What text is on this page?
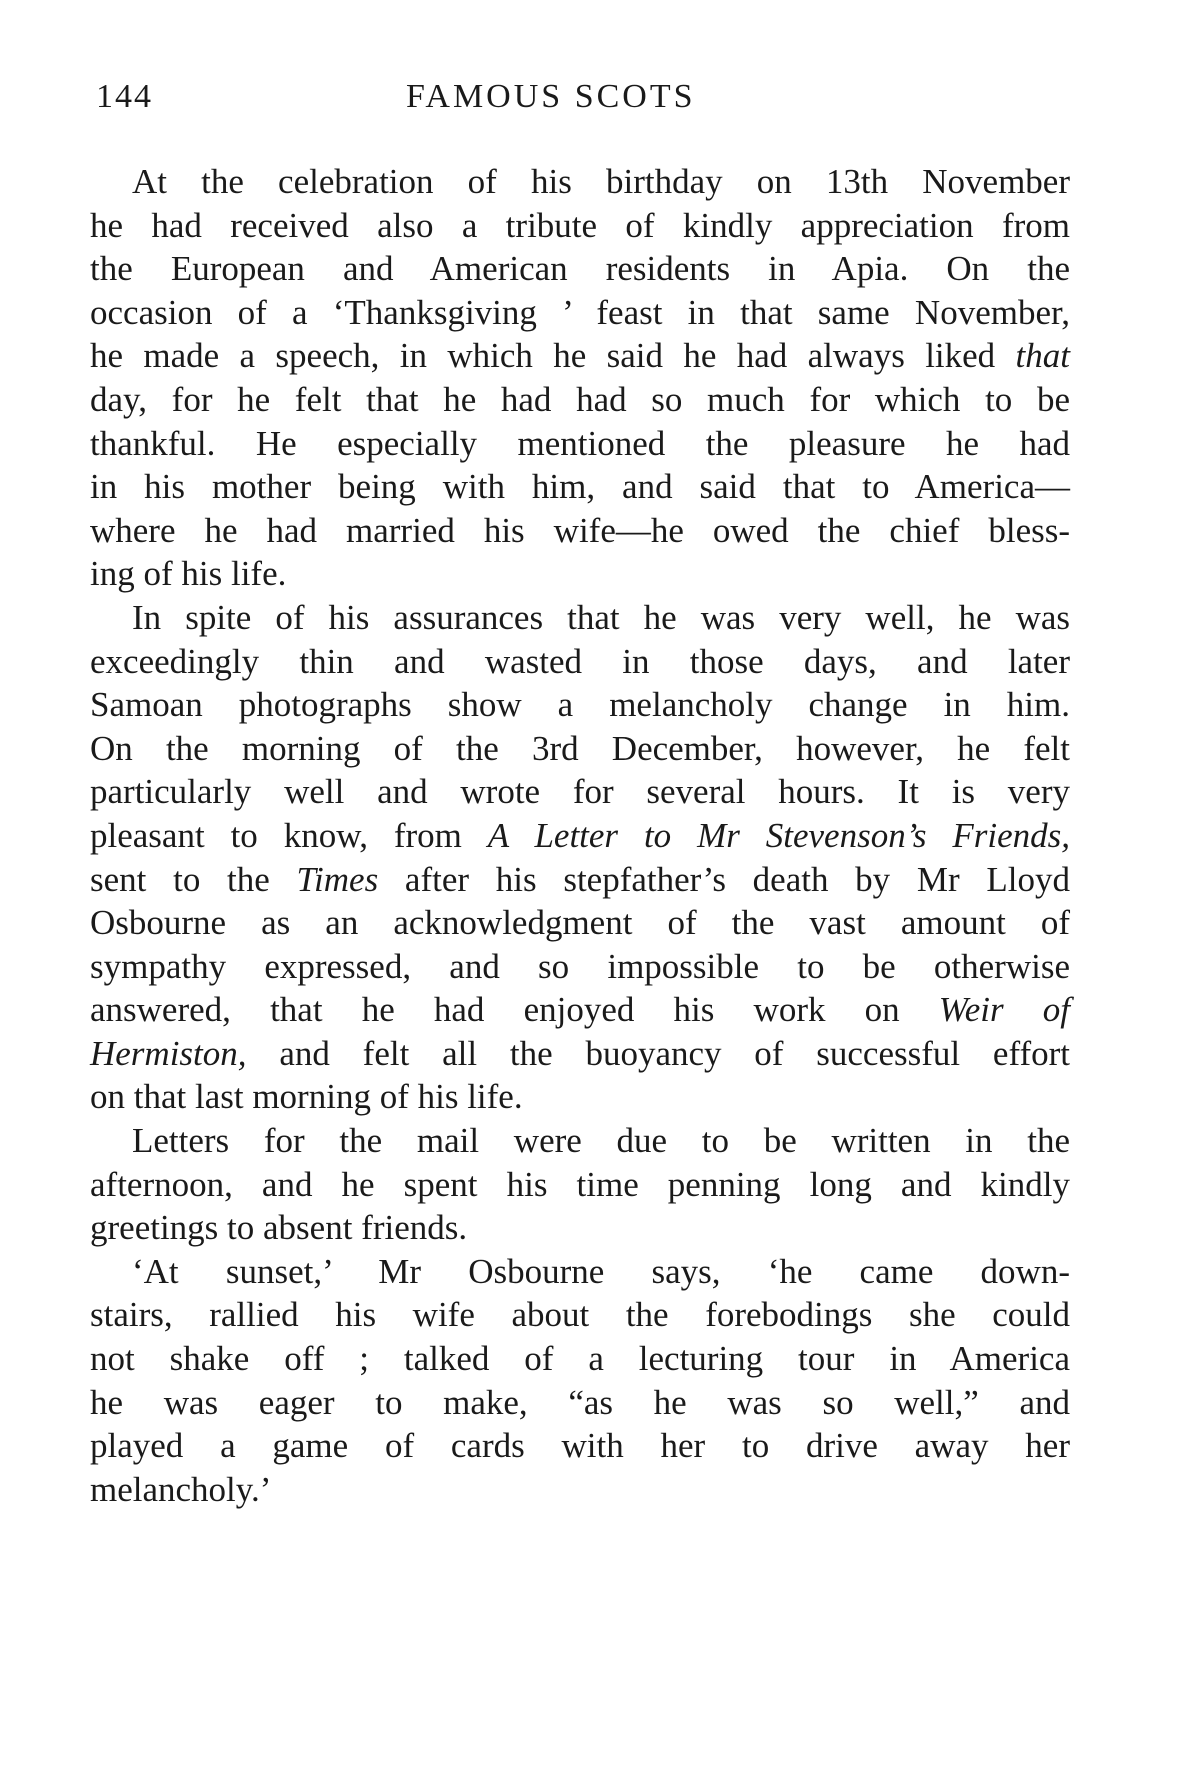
144	FAMOUS SCOTS
At the celebration of his birthday on 13th November
he had received also a tribute of kindly appreciation from
the European and American residents in Apia. On the
occasion of a ‘Thanksgiving ’ feast in that same November,
he made a speech, in which he said he had always liked that
day, for he felt that he had had so much for which to be
thankful. He especially mentioned the pleasure he had
in his mother being with him, and said that to America—
where he had married his wife—he owed the chief bless-
ing of his life.
In spite of his assurances that he was very well, he was
exceedingly thin and wasted in those days, and later
Samoan photographs show a melancholy change in him.
On the morning of the 3rd December, however, he felt
particularly well and wrote for several hours. It is very
pleasant to know, from A Letter to Mr Stevenson’s Friends,
sent to the Times after his stepfather’s death by Mr Lloyd
Osbourne as an acknowledgment of the vast amount of
sympathy expressed, and so impossible to be otherwise
answered, that he had enjoyed his work on Weir of
Hermiston, and felt all the buoyancy of successful effort
on that last morning of his life.
Letters for the mail were due to be written in the
afternoon, and he spent his time penning long and kindly
greetings to absent friends.
‘At sunset,’ Mr Osbourne says, ‘he came down-
stairs, rallied his wife about the forebodings she could
not shake off ; talked of a lecturing tour in America
he was eager to make, “as he was so well,” and
played a game of cards with her to drive away her
melancholy.’
